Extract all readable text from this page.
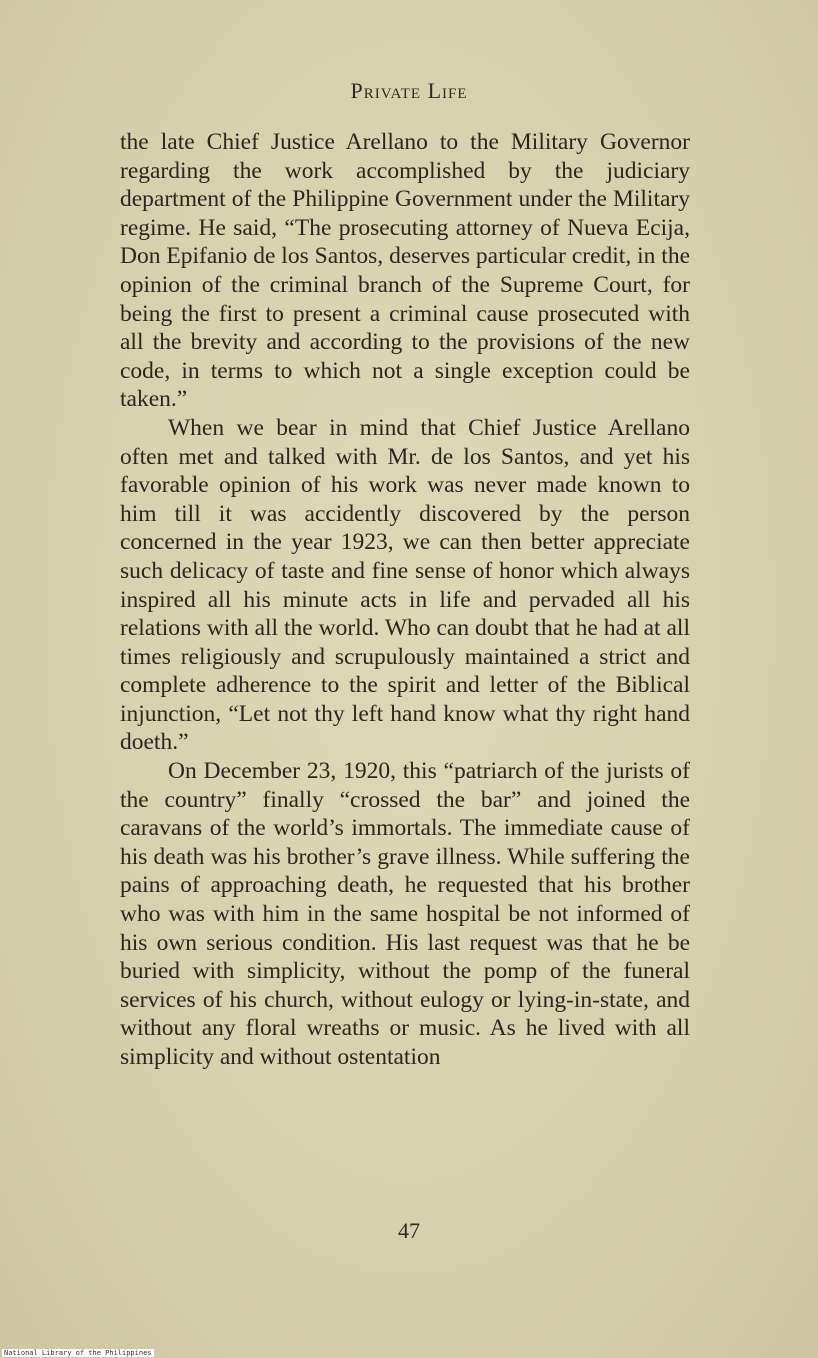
Private Life

the late Chief Justice Arellano to the Military Governor regarding the work accomplished by the judiciary department of the Philippine Government under the Military regime. He said, “The prosecuting attorney of Nueva Ecija, Don Epifanio de los Santos, deserves particular credit, in the opinion of the criminal branch of the Supreme Court, for being the first to present a criminal cause prosecuted with all the brevity and according to the provisions of the new code, in terms to which not a single exception could be taken.”

When we bear in mind that Chief Justice Arellano often met and talked with Mr. de los Santos, and yet his favorable opinion of his work was never made known to him till it was accidently discovered by the person concerned in the year 1923, we can then better appreciate such delicacy of taste and fine sense of honor which always inspired all his minute acts in life and pervaded all his relations with all the world. Who can doubt that he had at all times religiously and scrupulously maintained a strict and complete adherence to the spirit and letter of the Biblical injunction, “Let not thy left hand know what thy right hand doeth.”

On December 23, 1920, this “patriarch of the jurists of the country” finally “crossed the bar” and joined the caravans of the world’s immortals. The immediate cause of his death was his brother’s grave illness. While suffering the pains of approaching death, he requested that his brother who was with him in the same hospital be not informed of his own serious condition. His last request was that he be buried with simplicity, without the pomp of the funeral services of his church, without eulogy or lying-in-state, and without any floral wreaths or music. As he lived with all simplicity and without ostentation

47
National Library of the Philippines
